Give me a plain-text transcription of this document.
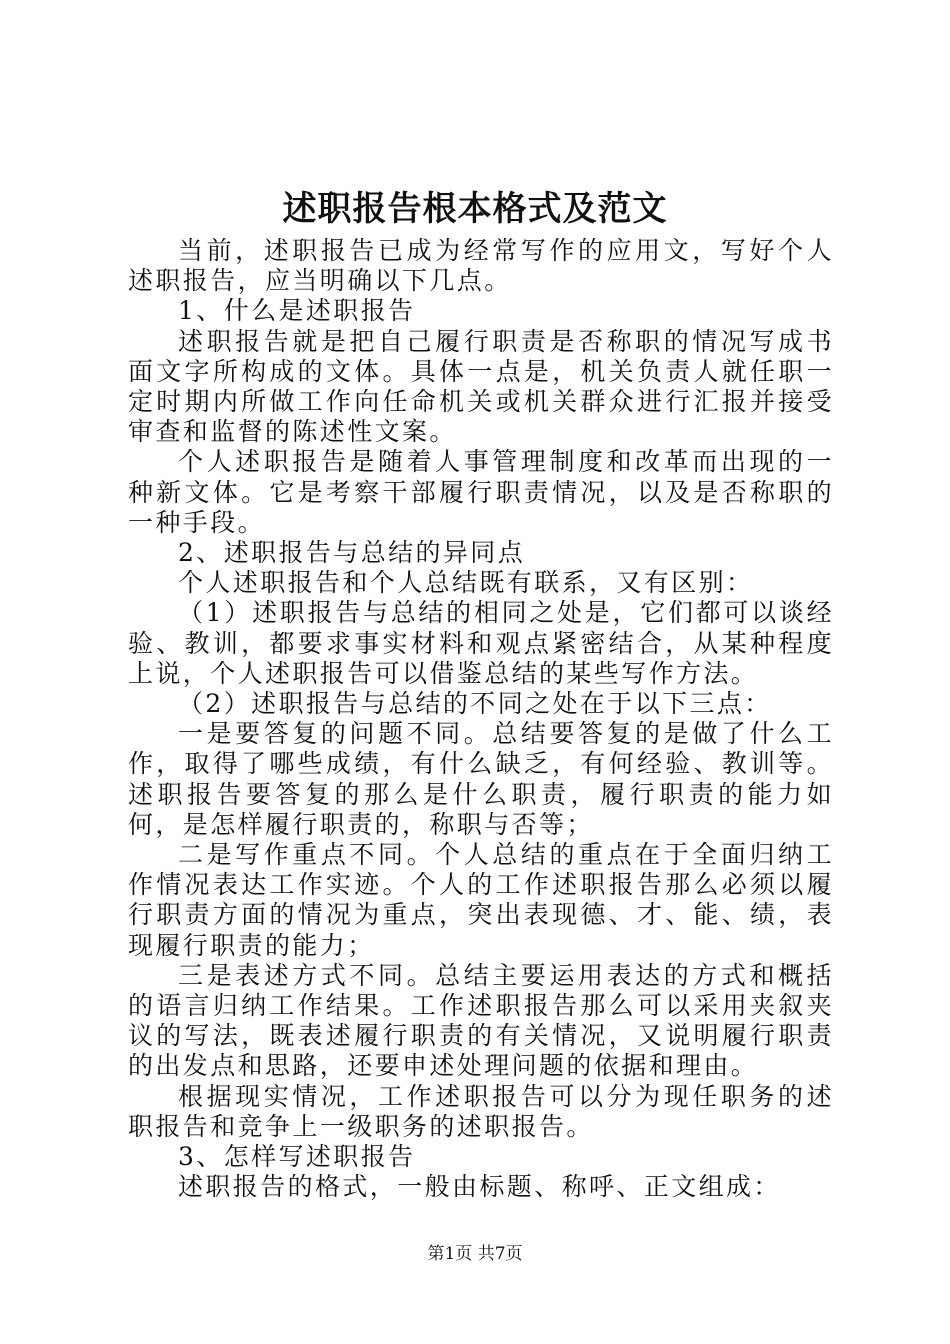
述职报告根本格式及范文

当前，述职报告已成为经常写作的应用文，写好个人述职报告，应当明确以下几点。

1、什么是述职报告

述职报告就是把自己履行职责是否称职的情况写成书面文字所构成的文体。具体一点是，机关负责人就任职一定时期内所做工作向任命机关或机关群众进行汇报并接受审查和监督的陈述性文案。

个人述职报告是随着人事管理制度和改革而出现的一种新文体。它是考察干部履行职责情况，以及是否称职的一种手段。

2、述职报告与总结的异同点

个人述职报告和个人总结既有联系，又有区别：

（1）述职报告与总结的相同之处是，它们都可以谈经验、教训，都要求事实材料和观点紧密结合，从某种程度上说，个人述职报告可以借鉴总结的某些写作方法。

（2）述职报告与总结的不同之处在于以下三点：

一是要答复的问题不同。总结要答复的是做了什么工作，取得了哪些成绩，有什么缺乏，有何经验、教训等。述职报告要答复的那么是什么职责，履行职责的能力如何，是怎样履行职责的，称职与否等；

二是写作重点不同。个人总结的重点在于全面归纳工作情况表达工作实迹。个人的工作述职报告那么必须以履行职责方面的情况为重点，突出表现德、才、能、绩，表现履行职责的能力；

三是表述方式不同。总结主要运用表达的方式和概括的语言归纳工作结果。工作述职报告那么可以采用夹叙夹议的写法，既表述履行职责的有关情况，又说明履行职责的出发点和思路，还要申述处理问题的依据和理由。

根据现实情况，工作述职报告可以分为现任职务的述职报告和竞争上一级职务的述职报告。

3、怎样写述职报告

述职报告的格式，一般由标题、称呼、正文组成：

第1页 共7页
